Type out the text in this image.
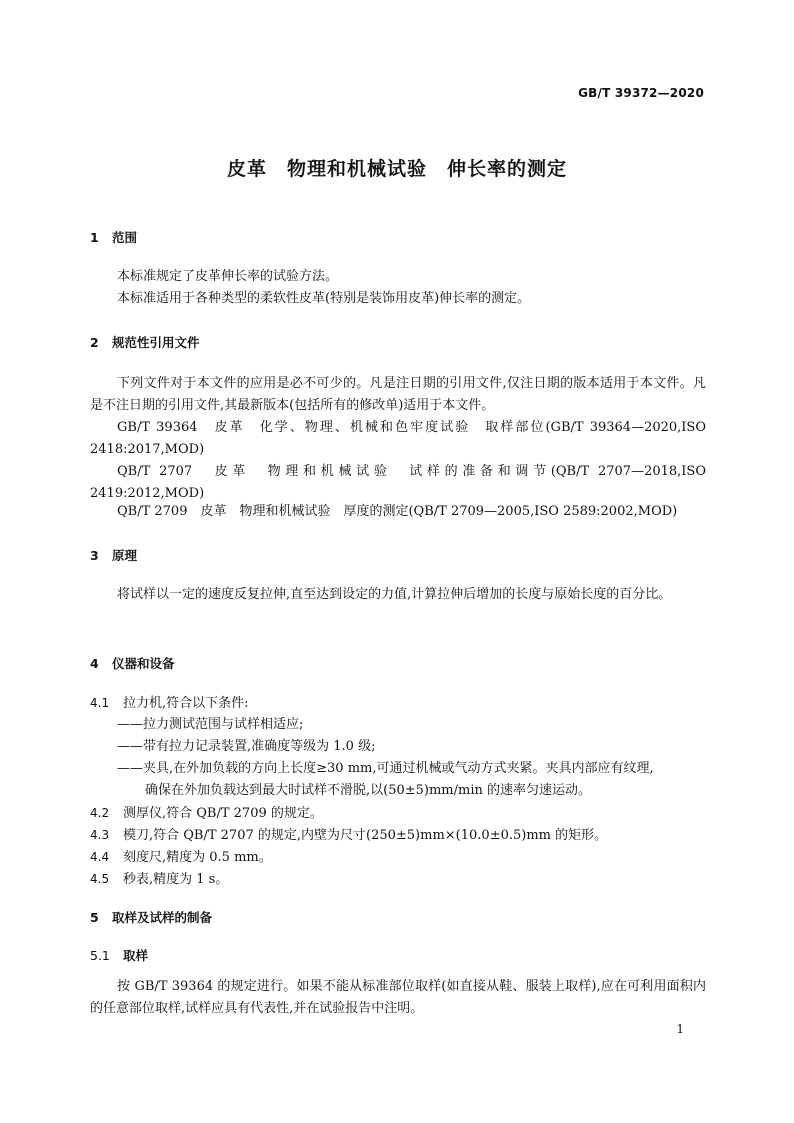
GB/T 39372—2020
皮革 物理和机械试验 伸长率的测定
1 范围
本标准规定了皮革伸长率的试验方法。
本标准适用于各种类型的柔软性皮革(特别是装饰用皮革)伸长率的测定。
2 规范性引用文件
下列文件对于本文件的应用是必不可少的。凡是注日期的引用文件,仅注日期的版本适用于本文件。凡是不注日期的引用文件,其最新版本(包括所有的修改单)适用于本文件。
GB/T 39364　皮革　化学、物理、机械和色牢度试验　取样部位(GB/T 39364—2020,ISO 2418:2017,MOD)
QB/T 2707　皮革　物理和机械试验　试样的准备和调节(QB/T 2707—2018,ISO 2419:2012,MOD)
QB/T 2709　皮革　物理和机械试验　厚度的测定(QB/T 2709—2005,ISO 2589:2002,MOD)
3 原理
将试样以一定的速度反复拉伸,直至达到设定的力值,计算拉伸后增加的长度与原始长度的百分比。
4 仪器和设备
4.1 拉力机,符合以下条件:
——拉力测试范围与试样相适应;
——带有拉力记录装置,准确度等级为 1.0 级;
——夹具,在外加负载的方向上长度≥30 mm,可通过机械或气动方式夹紧。夹具内部应有纹理,
确保在外加负载达到最大时试样不滑脱,以(50±5)mm/min 的速率匀速运动。
4.2 测厚仪,符合 QB/T 2709 的规定。
4.3 模刀,符合 QB/T 2707 的规定,内壁为尺寸(250±5)mm×(10.0±0.5)mm 的矩形。
4.4 刻度尺,精度为 0.5 mm。
4.5 秒表,精度为 1 s。
5 取样及试样的制备
5.1 取样
按 GB/T 39364 的规定进行。如果不能从标准部位取样(如直接从鞋、服装上取样),应在可利用面积内的任意部位取样,试样应具有代表性,并在试验报告中注明。
1
